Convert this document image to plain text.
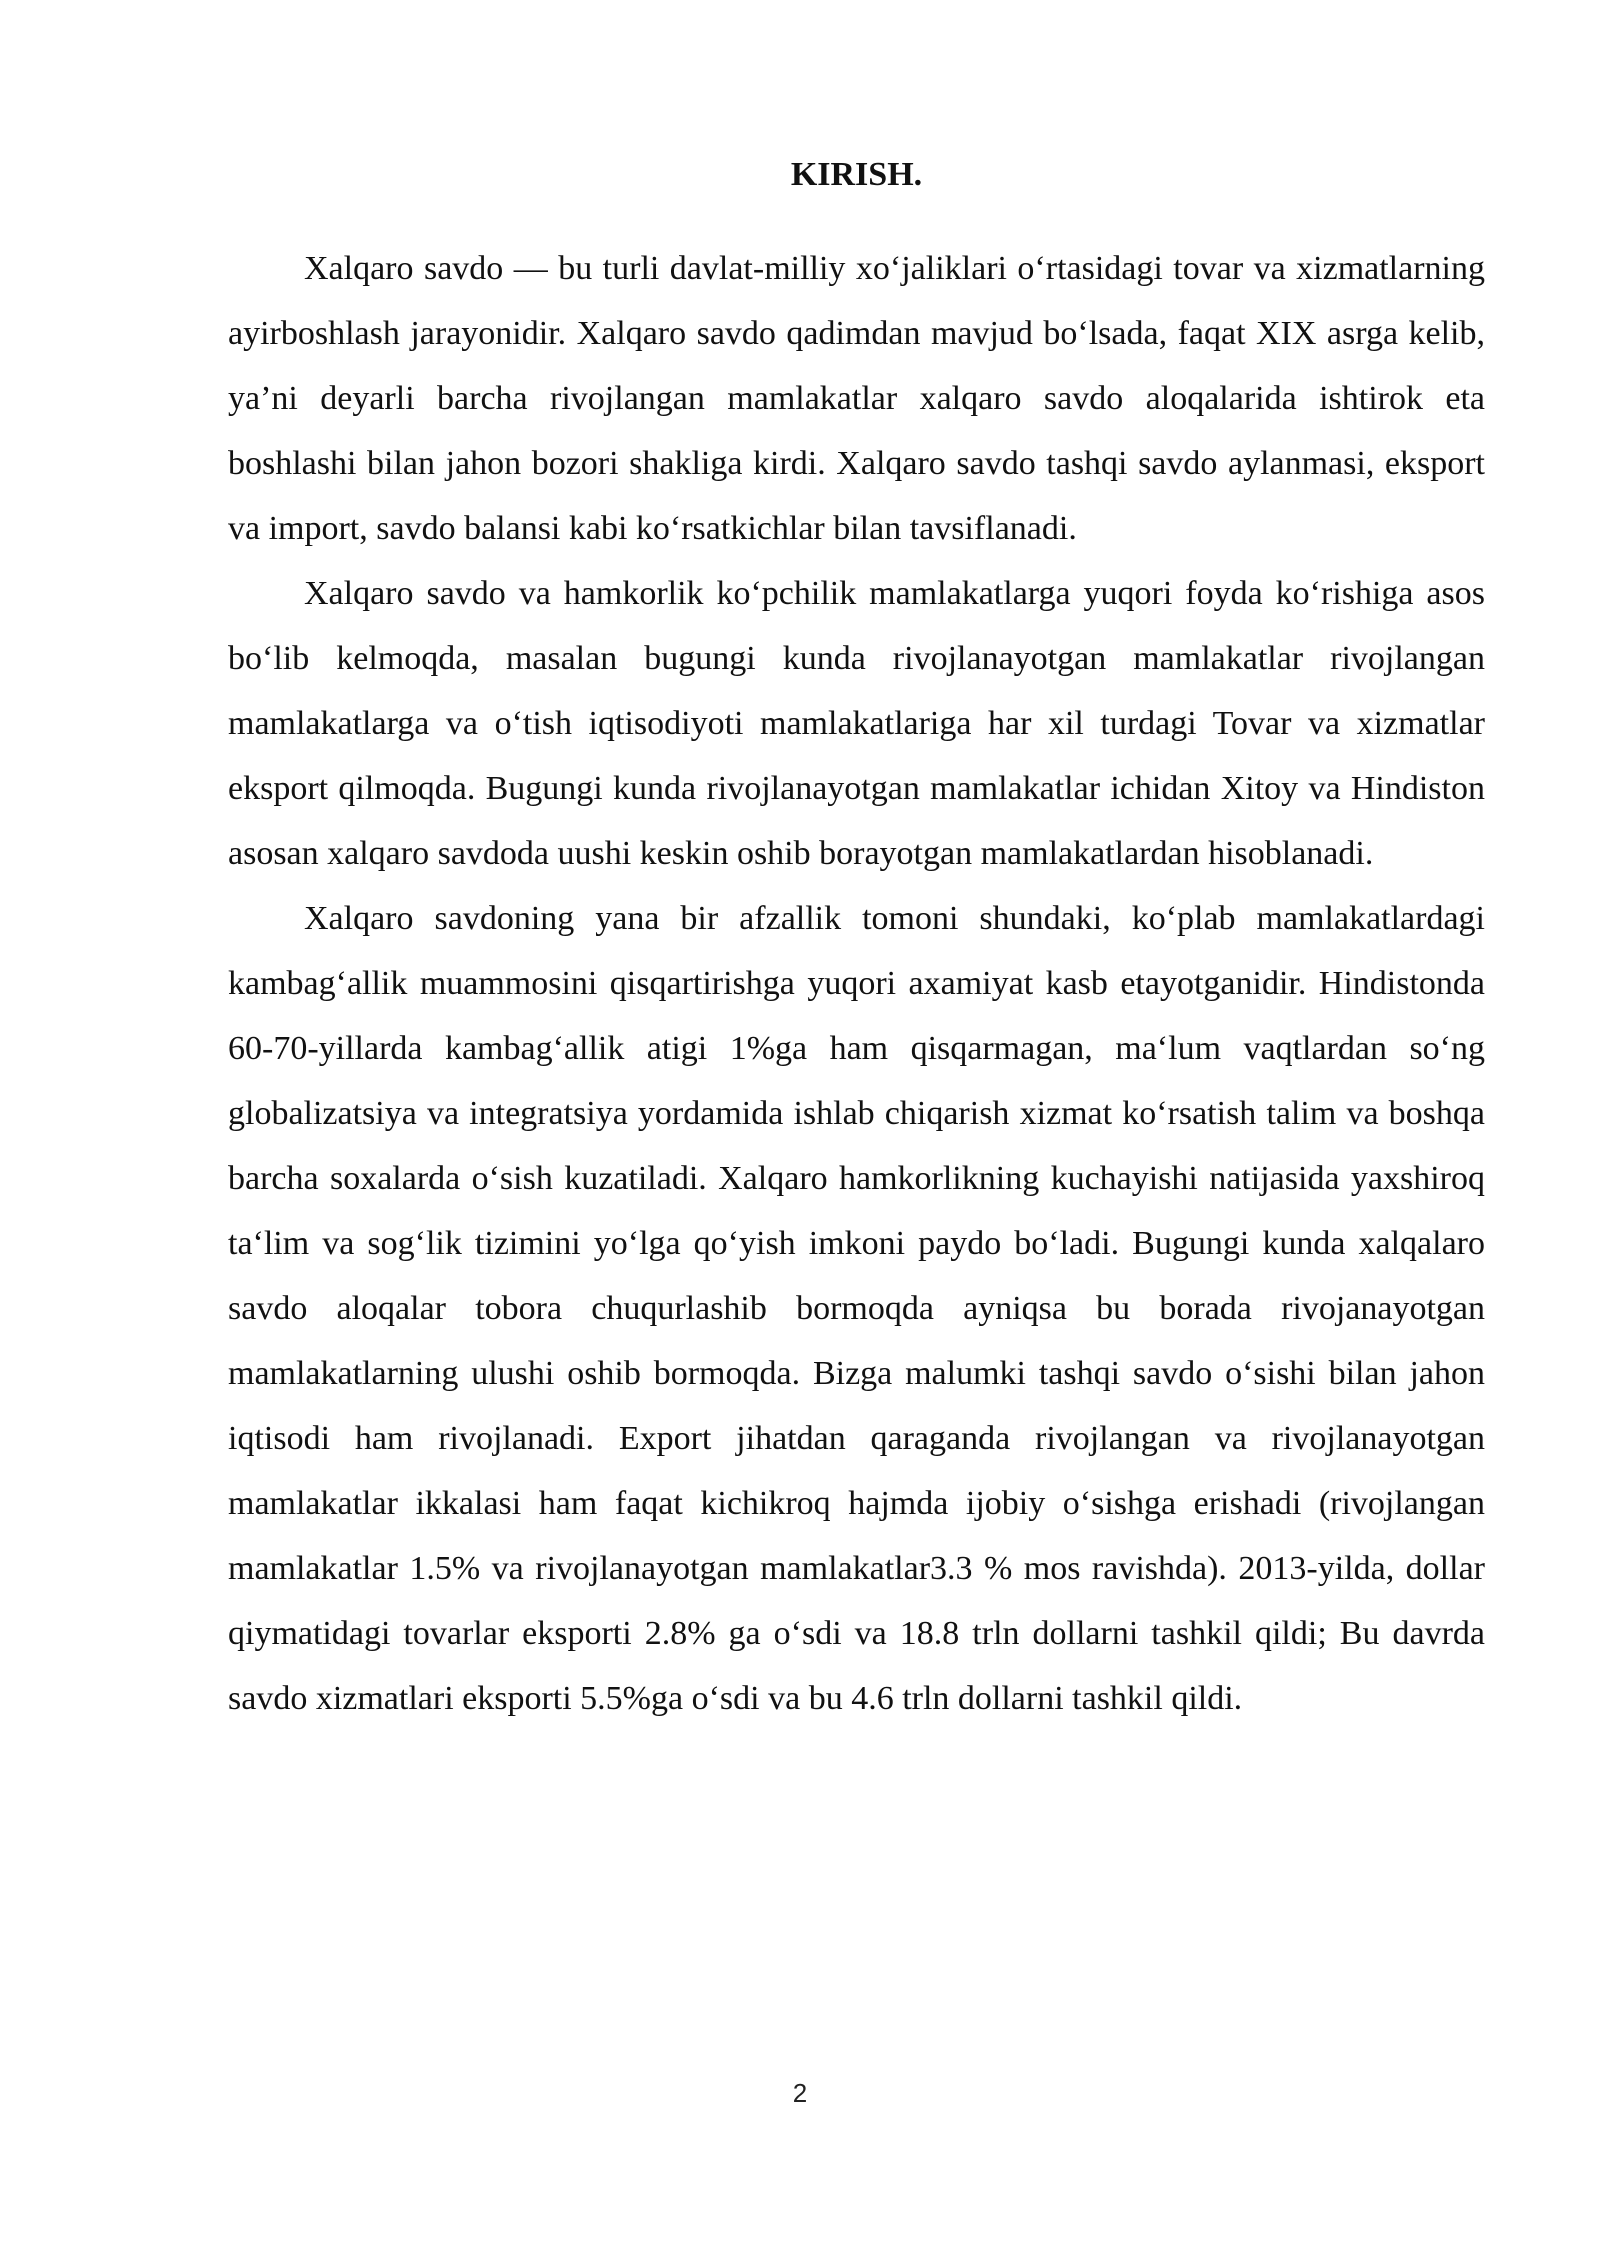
KIRISH.

Xalqaro savdo — bu turli davlat-milliy xo‘jaliklari o‘rtasidagi tovar va xizmatlarning ayirboshlash jarayonidir. Xalqaro savdo qadimdan mavjud bo‘lsada, faqat XIX asrga kelib, ya’ni deyarli barcha rivojlangan mamlakatlar xalqaro savdo aloqalarida ishtirok eta boshlashi bilan jahon bozori shakliga kirdi. Xalqaro savdo tashqi savdo aylanmasi, eksport va import, savdo balansi kabi ko‘rsatkichlar bilan tavsiflanadi.

Xalqaro savdo va hamkorlik ko‘pchilik mamlakatlarga yuqori foyda ko‘rishiga asos bo‘lib kelmoqda, masalan bugungi kunda rivojlanayotgan mamlakatlar rivojlangan mamlakatlarga va o‘tish iqtisodiyoti mamlakatlariga har xil turdagi Tovar va xizmatlar eksport qilmoqda. Bugungi kunda rivojlanayotgan mamlakatlar ichidan Xitoy va Hindiston asosan xalqaro savdoda uushi keskin oshib borayotgan mamlakatlardan hisoblanadi.

Xalqaro savdoning yana bir afzallik tomoni shundaki, ko‘plab mamlakatlardagi kambag‘allik muammosini qisqartirishga yuqori axamiyat kasb etayotganidir. Hindistonda 60-70-yillarda kambag‘allik atigi 1%ga ham qisqarmagan, ma‘lum vaqtlardan so‘ng globalizatsiya va integratsiya yordamida ishlab chiqarish xizmat ko‘rsatish talim va boshqa barcha soxalarda o‘sish kuzatiladi. Xalqaro hamkorlikning kuchayishi natijasida yaxshiroq ta‘lim va sog‘lik tizimini yo‘lga qo‘yish imkoni paydo bo‘ladi. Bugungi kunda xalqalaro savdo aloqalar tobora chuqurlashib bormoqda ayniqsa bu borada rivojanayotgan mamlakatlarning ulushi oshib bormoqda. Bizga malumki tashqi savdo o‘sishi bilan jahon iqtisodi ham rivojlanadi. Export jihatdan qaraganda rivojlangan va rivojlanayotgan mamlakatlar ikkalasi ham faqat kichikroq hajmda ijobiy o‘sishga erishadi (rivojlangan mamlakatlar 1.5% va rivojlanayotgan mamlakatlar3.3 % mos ravishda). 2013-yilda, dollar qiymatidagi tovarlar eksporti 2.8% ga o‘sdi va 18.8 trln dollarni tashkil qildi; Bu davrda savdo xizmatlari eksporti 5.5%ga o‘sdi va bu 4.6 trln dollarni tashkil qildi.

2
